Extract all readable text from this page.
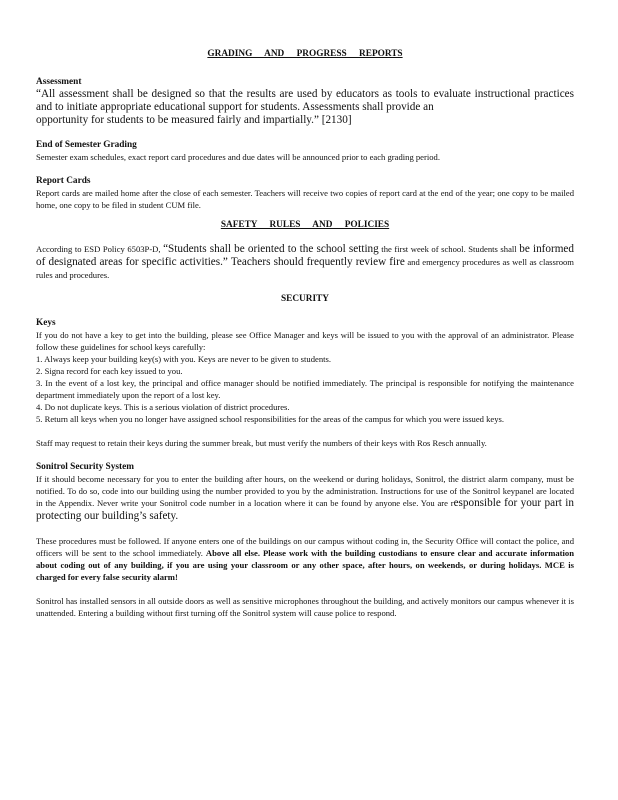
GRADING AND PROGRESS REPORTS

Assessment

“All assessment shall be designed so that the results are used by educators as tools to evaluate instructional practices and to initiate appropriate educational support for students. Assessments shall provide an
opportunity for students to be measured fairly and impartially.” [2130]

End of Semester Grading

Semester exam schedules, exact report card procedures and due dates will be announced prior to each grading period.

Report Cards

Report cards are mailed home after the close of each semester. Teachers will receive two copies of report card at the end of the year; one copy to be mailed home, one copy to be filed in student CUM file.

SAFETY RULES AND POLICIES

According to ESD Policy 6503P-D, “Students shall be oriented to the school setting the first week of school. Students shall be informed of designated areas for specific activities.” Teachers should frequently review fire and emergency procedures as well as classroom rules and procedures.

SECURITY

Keys

If you do not have a key to get into the building, please see Office Manager and keys will be issued to you with the approval of an administrator. Please follow these guidelines for school keys carefully:

1. Always keep your building key(s) with you. Keys are never to be given to students.
2. Signa record for each key issued to you.
3. In the event of a lost key, the principal and office manager should be notified immediately. The principal is responsible for notifying the maintenance department immediately upon the report of a lost key.
4. Do not duplicate keys. This is a serious violation of district procedures.
5. Return all keys when you no longer have assigned school responsibilities for the areas of the campus for which you were issued keys.

Staff may request to retain their keys during the summer break, but must verify the numbers of their keys with Ros Resch annually.

Sonitrol Security System

If it should become necessary for you to enter the building after hours, on the weekend or during holidays, Sonitrol, the district alarm company, must be notified. To do so, code into our building using the number provided to you by the administration. Instructions for use of the Sonitrol keypanel are located in the Appendix. Never write your Sonitrol code number in a location where it can be found by anyone else. You are responsible for your part in protecting our building’s safety.

These procedures must be followed. If anyone enters one of the buildings on our campus without coding in, the Security Office will contact the police, and officers will be sent to the school immediately. Above all else. Please work with the building custodians to ensure clear and accurate information about coding out of any building, if you are using your classroom or any other space, after hours, on weekends, or during holidays. MCE is charged for every false security alarm!

Sonitrol has installed sensors in all outside doors as well as sensitive microphones throughout the building, and actively monitors our campus whenever it is unattended. Entering a building without first turning off the Sonitrol system will cause police to respond.
